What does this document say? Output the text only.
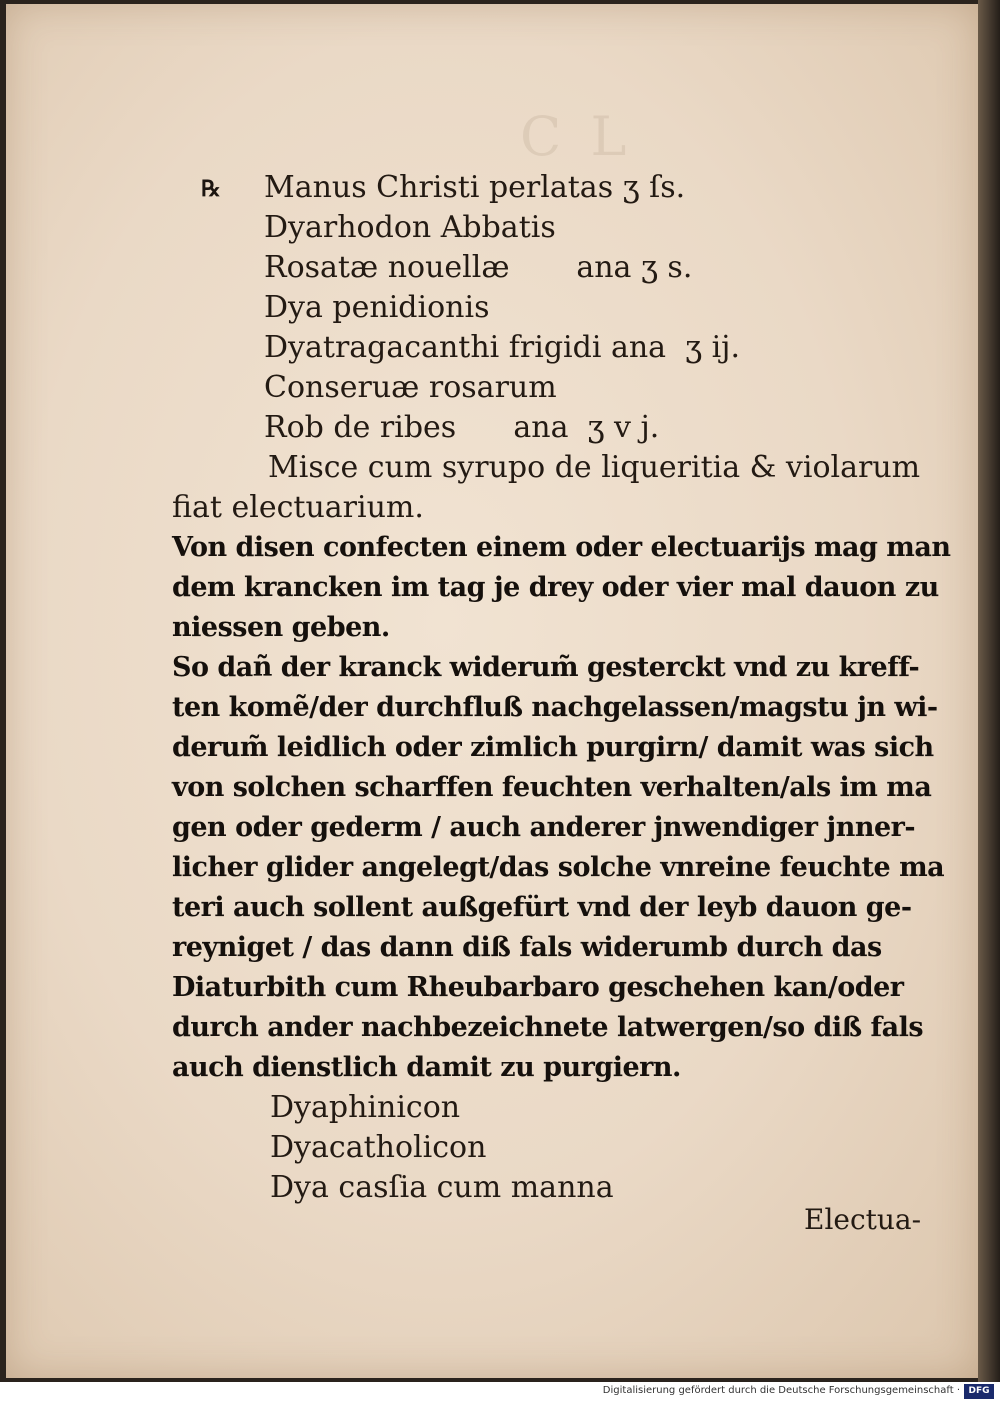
C L
℞ Manus Christi perlatas ʒ ſs.
Dyarhodon Abbatis
Rosatæ nouellæ       ana ʒ s.
Dya penidionis
Dyatragacanthi frigidi ana  ʒ ij.
Conseruæ rosarum
Rob de ribes      ana  ʒ v j.
Misce cum syrupo de liqueritia & violarum
fiat electuarium.
Von disen confecten einem oder electuarijs mag man
dem krancken im tag je drey oder vier mal dauon zu
niessen geben.
So dañ der kranck widerum̃ gesterckt vnd zu kreff-
ten komẽ/der durchfluß nachgelassen/magstu jn wi-
derum̃ leidlich oder zimlich purgirn/ damit was sich
von solchen scharffen feuchten verhalten/als im ma
gen oder gederm / auch anderer jnwendiger jnner-
licher glider angelegt/das solche vnreine feuchte ma
teri auch sollent außgefürt vnd der leyb dauon ge-
reyniget / das dann diß fals widerumb durch das
Diaturbith cum Rheubarbaro geschehen kan/oder
durch ander nachbezeichnete latwergen/so diß fals
auch dienstlich damit zu purgiern.
Dyaphinicon
Dyacatholicon
Dya casſia cum manna
Electua-
Digitalisierung gefördert durch die Deutsche Forschungsgemeinschaft · DFG
